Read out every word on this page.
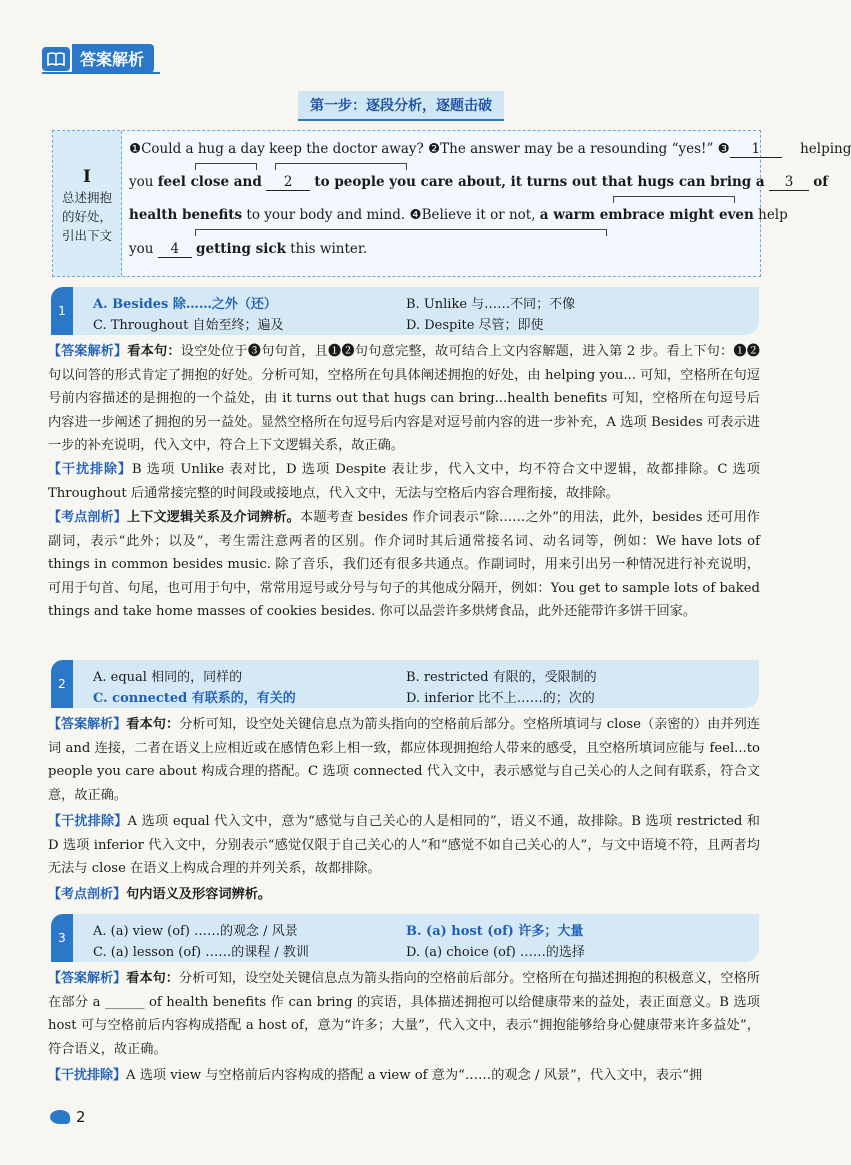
答案解析
第一步：逐段分析，逐题击破
I
总述拥抱
的好处，
引出下文
❶Could a hug a day keep the doctor away? ❷The answer may be a resounding “yes!” ❸ 1	helping
you feel close and 2 to people you care about, it turns out that hugs can bring a 3 of
health benefits to your body and mind. ❹Believe it or not, a warm embrace might even help
you 4 getting sick this winter.
1	A. Besides 除……之外（还）	B. Unlike 与……不同；不像
C. Throughout 自始至终；遍及	D. Despite 尽管；即使
【答案解析】看本句：设空处位于❸句句首，且❶❷句句意完整，故可结合上文内容解题，进入第 2 步。看上下句：❶❷句以问答的形式肯定了拥抱的好处。分析可知，空格所在句具体阐述拥抱的好处，由 helping you... 可知，空格所在句逗号前内容描述的是拥抱的一个益处，由 it turns out that hugs can bring...health benefits 可知，空格所在句逗号后内容进一步阐述了拥抱的另一益处。显然空格所在句逗号后内容是对逗号前内容的进一步补充，A 选项 Besides 可表示进一步的补充说明，代入文中，符合上下文逻辑关系，故正确。
【干扰排除】B 选项 Unlike 表对比，D 选项 Despite 表让步，代入文中，均不符合文中逻辑，故都排除。C 选项 Throughout 后通常接完整的时间段或接地点，代入文中，无法与空格后内容合理衔接，故排除。
【考点剖析】上下文逻辑关系及介词辨析。本题考查 besides 作介词表示“除……之外”的用法，此外，besides 还可用作副词，表示“此外；以及”，考生需注意两者的区别。作介词时其后通常接名词、动名词等，例如：We have lots of things in common besides music. 除了音乐，我们还有很多共通点。作副词时，用来引出另一种情况进行补充说明，可用于句首、句尾，也可用于句中，常常用逗号或分号与句子的其他成分隔开，例如：You get to sample lots of baked things and take home masses of cookies besides. 你可以品尝许多烘烤食品，此外还能带许多饼干回家。
2	A. equal 相同的，同样的	B. restricted 有限的，受限制的
C. connected 有联系的，有关的	D. inferior 比不上……的；次的
【答案解析】看本句：分析可知，设空处关键信息点为箭头指向的空格前后部分。空格所填词与 close（亲密的）由并列连词 and 连接，二者在语义上应相近或在感情色彩上相一致，都应体现拥抱给人带来的感受，且空格所填词应能与 feel...to people you care about 构成合理的搭配。C 选项 connected 代入文中，表示感觉与自己关心的人之间有联系，符合文意，故正确。
【干扰排除】A 选项 equal 代入文中，意为“感觉与自己关心的人是相同的”，语义不通，故排除。B 选项 restricted 和 D 选项 inferior 代入文中，分别表示“感觉仅限于自己关心的人”和“感觉不如自己关心的人”，与文中语境不符，且两者均无法与 close 在语义上构成合理的并列关系，故都排除。
【考点剖析】句内语义及形容词辨析。
3	A. (a) view (of) ……的观念 / 风景	B. (a) host (of) 许多；大量
C. (a) lesson (of) ……的课程 / 教训	D. (a) choice (of) ……的选择
【答案解析】看本句：分析可知，设空处关键信息点为箭头指向的空格前后部分。空格所在句描述拥抱的积极意义，空格所在部分 a ______ of health benefits 作 can bring 的宾语，具体描述拥抱可以给健康带来的益处，表正面意义。B 选项 host 可与空格前后内容构成搭配 a host of，意为“许多；大量”，代入文中，表示“拥抱能够给身心健康带来许多益处”，符合语义，故正确。
【干扰排除】A 选项 view 与空格前后内容构成的搭配 a view of 意为“……的观念 / 风景”，代入文中，表示“拥
2
